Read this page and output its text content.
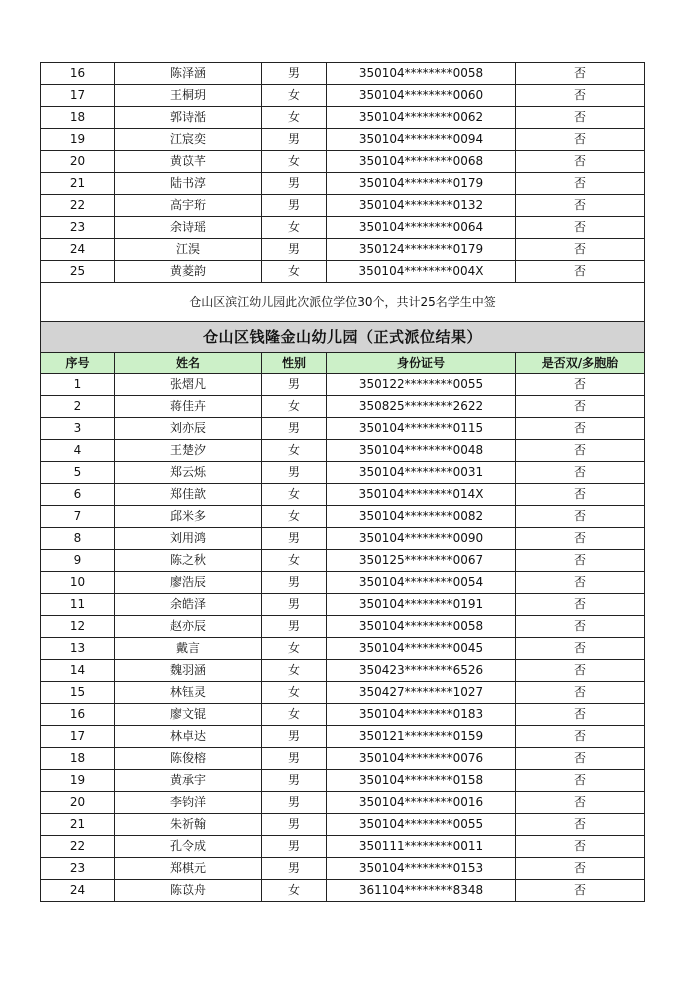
16	陈泽涵	男	350104********0058	否
17	王桐玥	女	350104********0060	否
18	郭诗湉	女	350104********0062	否
19	江宸奕	男	350104********0094	否
20	黄苡芊	女	350104********0068	否
21	陆书淳	男	350104********0179	否
22	高宇珩	男	350104********0132	否
23	余诗瑶	女	350104********0064	否
24	江淏	男	350124********0179	否
25	黄菱韵	女	350104********004X	否
仓山区滨江幼儿园此次派位学位30个，共计25名学生中签				
仓山区钱隆金山幼儿园（正式派位结果）				
序号	姓名	性别	身份证号	是否双/多胞胎
1	张熠凡	男	350122********0055	否
2	蒋佳卉	女	350825********2622	否
3	刘亦辰	男	350104********0115	否
4	王楚汐	女	350104********0048	否
5	郑云烁	男	350104********0031	否
6	郑佳歆	女	350104********014X	否
7	邱米多	女	350104********0082	否
8	刘用鸿	男	350104********0090	否
9	陈之秋	女	350125********0067	否
10	廖浩辰	男	350104********0054	否
11	余皓泽	男	350104********0191	否
12	赵亦辰	男	350104********0058	否
13	戴言	女	350104********0045	否
14	魏羽涵	女	350423********6526	否
15	林钰灵	女	350427********1027	否
16	廖文锟	女	350104********0183	否
17	林卓达	男	350121********0159	否
18	陈俊榕	男	350104********0076	否
19	黄承宇	男	350104********0158	否
20	李钧洋	男	350104********0016	否
21	朱祈翰	男	350104********0055	否
22	孔令成	男	350111********0011	否
23	郑棋元	男	350104********0153	否
24	陈苡舟	女	361104********8348	否
